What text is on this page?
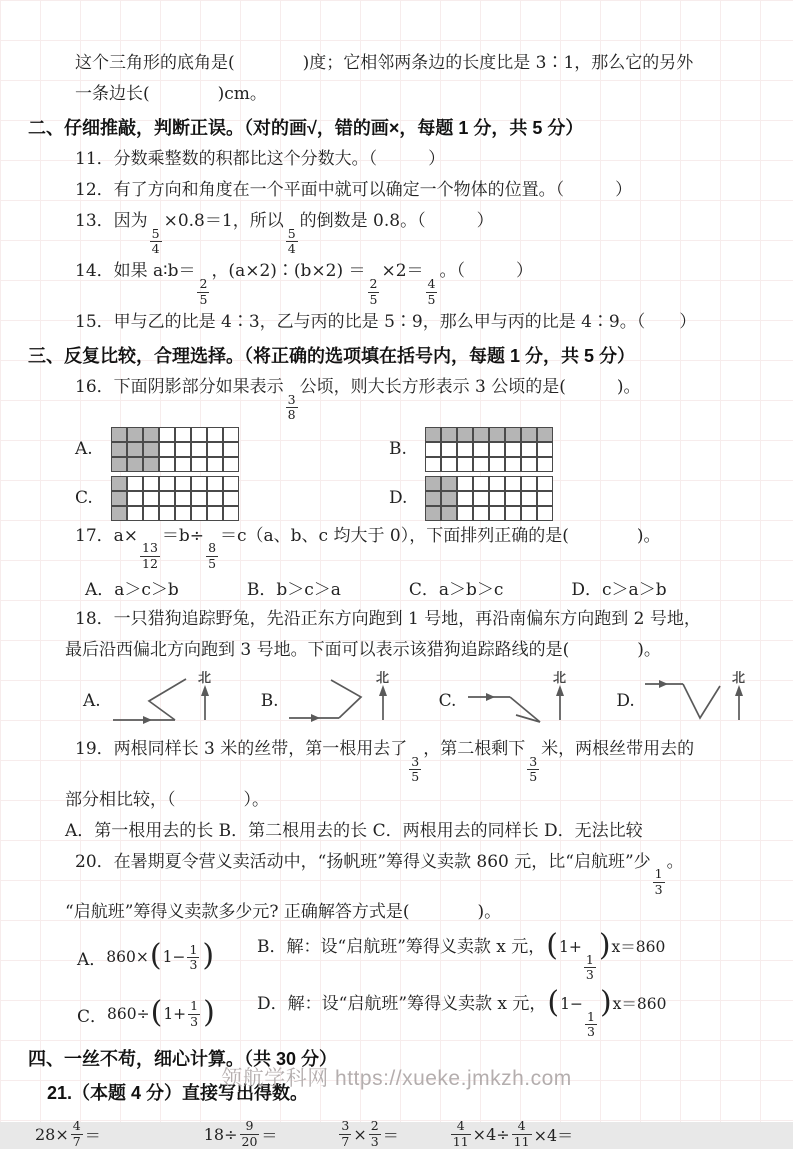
这个三角形的底角是(　　　　)度；它相邻两条边的长度比是 3∶1，那么它的另外
一条边长(　　　　)cm。
二、仔细推敲，判断正误。（对的画√，错的画×，每题 1 分，共 5 分）
11．分数乘整数的积都比这个分数大。（　　　）
12．有了方向和角度在一个平面中就可以确定一个物体的位置。（　　　）
13．因为
$\frac{5}{4}$
×0.8＝1，所以
$\frac{5}{4}$
的倒数是 0.8。（　　　）
14．如果 a∶b＝
$\frac{2}{5}$
，(a×2)∶(b×2) ＝
$\frac{2}{5}$
×2＝
$\frac{4}{5}$
。（　　　）
15．甲与乙的比是 4∶3，乙与丙的比是 5∶9，那么甲与丙的比是 4∶9。（　　）
三、反复比较，合理选择。（将正确的选项填在括号内，每题 1 分，共 5 分）
16．下面阴影部分如果表示
$\frac{3}{8}$
公顷，则大长方形表示 3 公顷的是(　　　)。
A.	B.
C.	D.
17．a×
$\frac{13}{12}$
＝b÷
$\frac{8}{5}$
＝c（a、b、c 均大于 0），下面排列正确的是(　　　　)。
A．a＞c＞b	B．b＞c＞a	C．a＞b＞c	D．c＞a＞b
18．一只猎狗追踪野兔，先沿正东方向跑到 1 号地，再沿南偏东方向跑到 2 号地，
最后沿西偏北方向跑到 3 号地。下面可以表示该猎狗追踪路线的是(　　　　)。
A.
北
B.
北
C.
北
D.
北
19．两根同样长 3 米的丝带，第一根用去了
$\frac{3}{5}$
，第二根剩下
$\frac{3}{5}$
米，两根丝带用去的
部分相比较，（　　　　）。
A．第一根用去的长 B．第二根用去的长 C．两根用去的同样长 D．无法比较
20．在暑期夏令营义卖活动中，“扬帆班”筹得义卖款 860 元，比“启航班”少
$\frac{1}{3}$
。
“启航班”筹得义卖款多少元? 正确解答方式是(　　　　)。
A． 860× ( $1- \frac{1}{3}$ )	B．解：设“启航班”筹得义卖款 x 元，(1+
$\frac{1}{3}$
)x＝860
C． 860÷ ( $1+ \frac{1}{3}$ ) D．解：设“启航班”筹得义卖款 x 元，(1−
$\frac{1}{3}$
)x＝860
四、一丝不苟，细心计算。（共 30 分）
21.（本题 4 分）直接写出得数。
$28\times \frac{4}{7}$ ＝	$18\div \frac{9}{20}$ ＝	$\frac{3}{7} \times \frac{2}{3}$ ＝	$\frac{4}{11} \times 4\div \frac{4}{11} \times 4=$
领航学科网 https://xueke.jmkzh.com
